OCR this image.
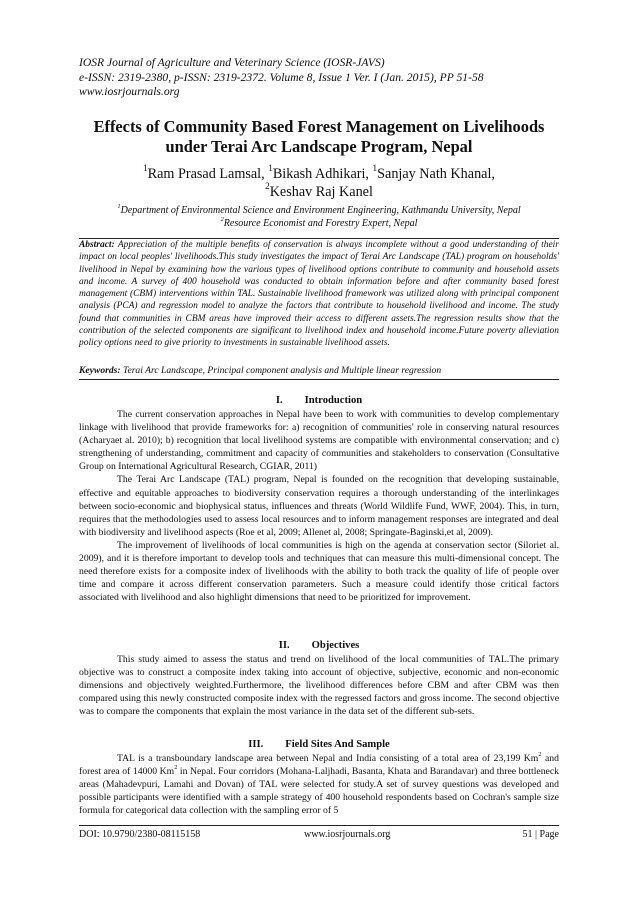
IOSR Journal of Agriculture and Veterinary Science (IOSR-JAVS)
e-ISSN: 2319-2380, p-ISSN: 2319-2372. Volume 8, Issue 1 Ver. I (Jan. 2015), PP 51-58
www.iosrjournals.org
Effects of Community Based Forest Management on Livelihoods
under Terai Arc Landscape Program, Nepal
$^1$Ram Prasad Lamsal, $^1$Bikash Adhikari, $^1$Sanjay Nath Khanal,
$^2$Keshav Raj Kanel
$^1$Department of Environmental Science and Environment Engineering, Kathmandu University, Nepal
$^2$Resource Economist and Forestry Expert, Nepal
Abstract: Appreciation of the multiple benefits of conservation is always incomplete without a good understanding of their impact on local peoples' livelihoods.This study investigates the impact of Terai Arc Landscape (TAL) program on households' livelihood in Nepal by examining how the various types of livelihood options contribute to community and household assets and income. A survey of 400 household was conducted to obtain information before and after community based forest management (CBM) interventions within TAL. Sustainable livelihood framework was utilized along with principal component analysis (PCA) and regression model to analyze the factors that contribute to household livelihood and income. The study found that communities in CBM areas have improved their access to different assets.The regression results show that the contribution of the selected components are significant to livelihood index and household income.Future poverty alleviation policy options need to give priority to investments in sustainable livelihood assets.
Keywords: Terai Arc Landscape, Principal component analysis and Multiple linear regression
I. Introduction

The current conservation approaches in Nepal have been to work with communities to develop complementary linkage with livelihood that provide frameworks for: a) recognition of communities' role in conserving natural resources (Acharyaet al. 2010); b) recognition that local livelihood systems are compatible with environmental conservation; and c) strengthening of understanding, commitment and capacity of communities and stakeholders to conservation (Consultative Group on International Agricultural Research, CGIAR, 2011)

The Terai Arc Landscape (TAL) program, Nepal is founded on the recognition that developing sustainable, effective and equitable approaches to biodiversity conservation requires a thorough understanding of the interlinkages between socio-economic and biophysical status, influences and threats (World Wildlife Fund, WWF, 2004). This, in turn, requires that the methodologies used to assess local resources and to inform management responses are integrated and deal with biodiversity and livelihood aspects (Roe et al, 2009; Allenet al, 2008; Springate-Baginski,et al, 2009).

The improvement of livelihoods of local communities is high on the agenda at conservation sector (Siloriet al. 2009), and it is therefore important to develop tools and techniques that can measure this multi-dimensional concept. The need therefore exists for a composite index of livelihoods with the ability to both track the quality of life of people over time and compare it across different conservation parameters. Such a measure could identify those critical factors associated with livelihood and also highlight dimensions that need to be prioritized for improvement.

II. Objectives

This study aimed to assess the status and trend on livelihood of the local communities of TAL.The primary objective was to construct a composite index taking into account of objective, subjective, economic and non-economic dimensions and objectively weighted.Furthermore, the livelihood differences before CBM and after CBM was then compared using this newly constructed composite index with the regressed factors and gross income. The second objective was to compare the components that explain the most variance in the data set of the different sub-sets.

III. Field Sites And Sample

TAL is a transboundary landscape area between Nepal and India consisting of a total area of 23,199 Km$^2$ and forest area of 14000 Km$^2$ in Nepal. Four corridors (Mohana-Laljhadi, Basanta, Khata and Barandavar) and three bottleneck areas (Mahadevpuri, Lamahi and Dovan) of TAL were selected for study.A set of survey questions was developed and possible participants were identified with a sample strategy of 400 household respondents based on Cochran's sample size formula for categorical data collection with the sampling error of 5

DOI: 10.9790/2380-08115158	www.iosrjournals.org	51 | Page
